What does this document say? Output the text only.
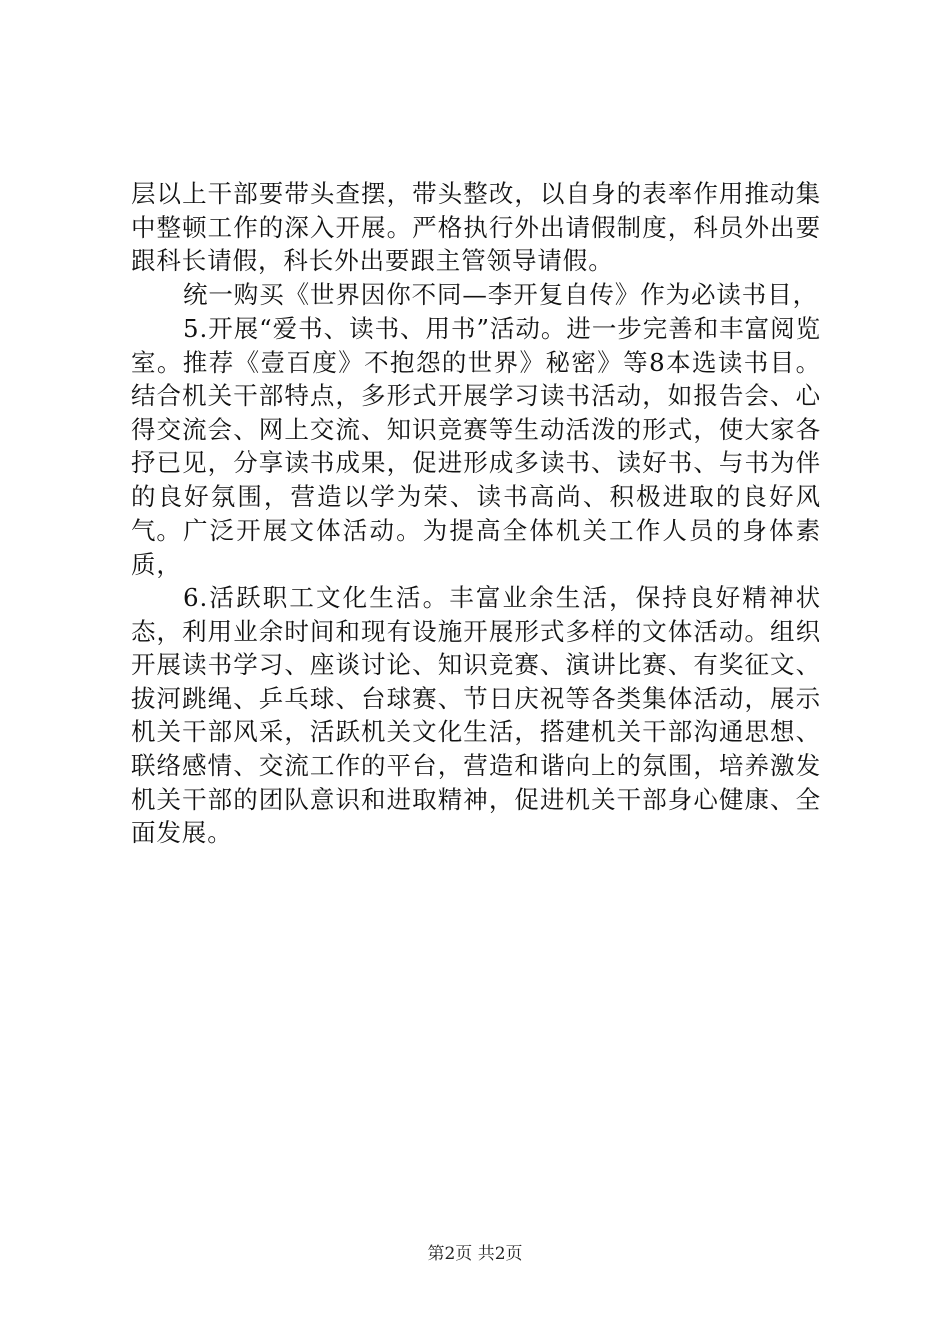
层以上干部要带头查摆，带头整改，以自身的表率作用推动集中整顿工作的深入开展。严格执行外出请假制度，科员外出要跟科长请假，科长外出要跟主管领导请假。

统一购买《世界因你不同—李开复自传》作为必读书目，

5.开展“爱书、读书、用书”活动。进一步完善和丰富阅览室。推荐《壹百度》不抱怨的世界》秘密》等8本选读书目。结合机关干部特点，多形式开展学习读书活动，如报告会、心得交流会、网上交流、知识竞赛等生动活泼的形式，使大家各抒已见，分享读书成果，促进形成多读书、读好书、与书为伴的良好氛围，营造以学为荣、读书高尚、积极进取的良好风气。 广泛开展文体活动。为提高全体机关工作人员的身体素质，

6.活跃职工文化生活。丰富业余生活，保持良好精神状态，利用业余时间和现有设施开展形式多样的文体活动。组织开展读书学习、座谈讨论、知识竞赛、演讲比赛、有奖征文、拔河跳绳、乒乓球、台球赛、节日庆祝等各类集体活动，展示机关干部风采，活跃机关文化生活，搭建机关干部沟通思想、联络感情、交流工作的平台，营造和谐向上的氛围，培养激发机关干部的团队意识和进取精神，促进机关干部身心健康、全面发展。

第2页 共2页
